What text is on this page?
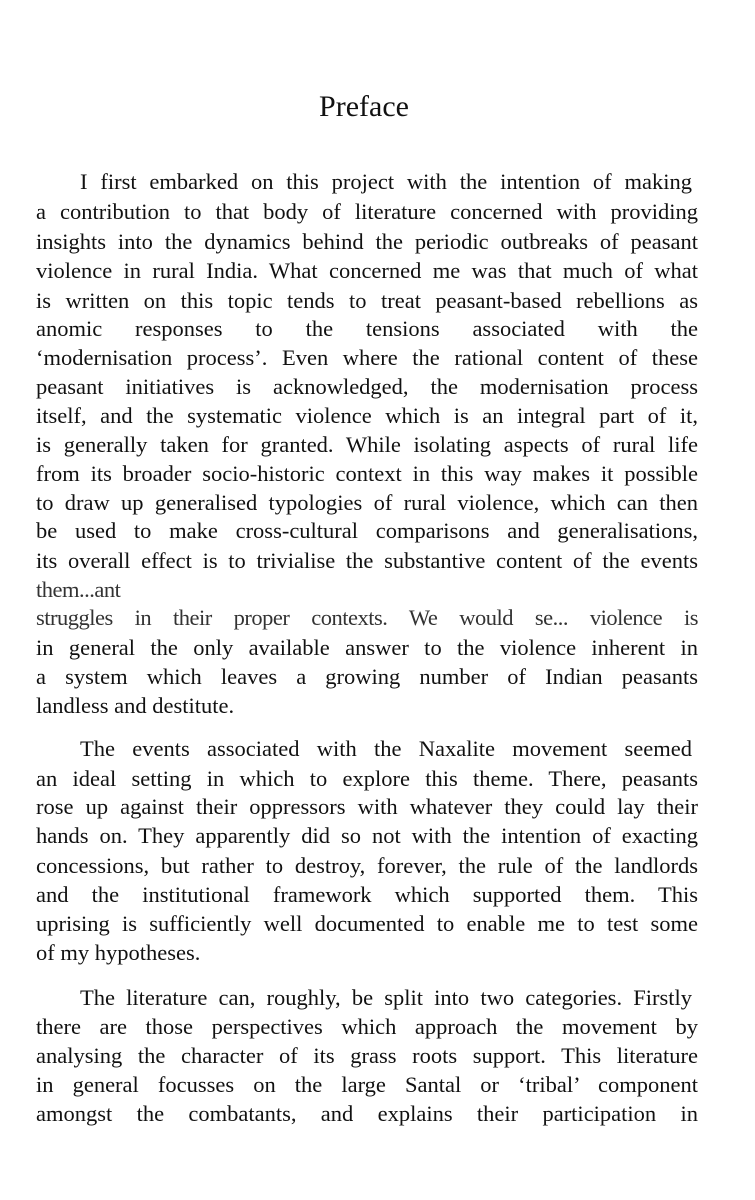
Preface
I first embarked on this project with the intention of making
a contribution to that body of literature concerned with providing
insights into the dynamics behind the periodic outbreaks of peasant
violence in rural India. What concerned me was that much of what
is written on this topic tends to treat peasant-based rebellions as
anomic responses to the tensions associated with the
‘modernisation process’. Even where the rational content of these
peasant initiatives is acknowledged, the modernisation process
itself, and the systematic violence which is an integral part of it,
is generally taken for granted. While isolating aspects of rural life
from its broader socio-historic context in this way makes it possible
to draw up generalised typologies of rural violence, which can then
be used to make cross-cultural comparisons and generalisations,
its overall effect is to trivialise the substantive content of the events
them...ant
struggles in their proper contexts. We would se... violence is
in general the only available answer to the violence inherent in
a system which leaves a growing number of Indian peasants
landless and destitute.
The events associated with the Naxalite movement seemed
an ideal setting in which to explore this theme. There, peasants
rose up against their oppressors with whatever they could lay their
hands on. They apparently did so not with the intention of exacting
concessions, but rather to destroy, forever, the rule of the landlords
and the institutional framework which supported them. This
uprising is sufficiently well documented to enable me to test some
of my hypotheses.
The literature can, roughly, be split into two categories. Firstly
there are those perspectives which approach the movement by
analysing the character of its grass roots support. This literature
in general focusses on the large Santal or ‘tribal’ component
amongst the combatants, and explains their participation in
